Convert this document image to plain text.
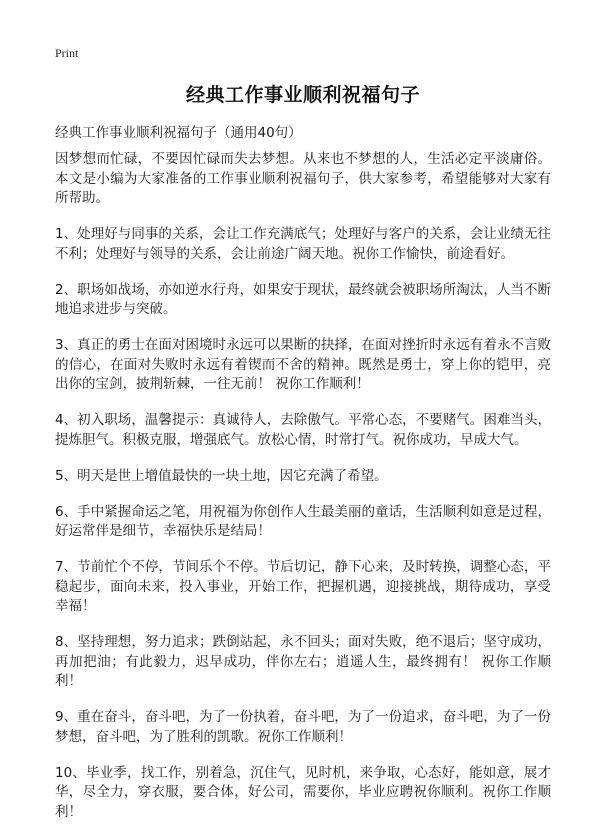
Print
经典工作事业顺利祝福句子
经典工作事业顺利祝福句子（通用40句）

因梦想而忙碌，不要因忙碌而失去梦想。从来也不梦想的人，生活必定平淡庸俗。本文是小编为大家准备的工作事业顺利祝福句子，供大家参考，希望能够对大家有所帮助。

1、处理好与同事的关系，会让工作充满底气；处理好与客户的关系，会让业绩无往不利；处理好与领导的关系，会让前途广阔天地。祝你工作愉快，前途看好。

2、职场如战场，亦如逆水行舟，如果安于现状，最终就会被职场所淘汰，人当不断地追求进步与突破。

3、真正的勇士在面对困境时永远可以果断的抉择，在面对挫折时永远有着永不言败的信心，在面对失败时永远有着锲而不舍的精神。既然是勇士，穿上你的铠甲，亮出你的宝剑，披荆斩棘，一往无前！ 祝你工作顺利！

4、初入职场，温馨提示：真诚待人，去除傲气。平常心态，不要赌气。困难当头，提炼胆气。积极克服，增强底气。放松心情，时常打气。祝你成功，早成大气。

5、明天是世上增值最快的一块土地，因它充满了希望。

6、手中紧握命运之笔，用祝福为你创作人生最美丽的童话，生活顺利如意是过程，好运常伴是细节，幸福快乐是结局！

7、节前忙个不停，节间乐个不停。节后切记，静下心来，及时转换，调整心态，平稳起步，面向未来，投入事业，开始工作，把握机遇，迎接挑战，期待成功，享受幸福！

8、坚持理想，努力追求；跌倒站起，永不回头；面对失败，绝不退后；坚守成功，再加把油；有此毅力，迟早成功，伴你左右；逍遥人生，最终拥有！ 祝你工作顺利！

9、重在奋斗，奋斗吧，为了一份执着，奋斗吧，为了一份追求，奋斗吧，为了一份梦想，奋斗吧，为了胜利的凯歌。祝你工作顺利！

10、毕业季，找工作，别着急，沉住气，见时机，来争取，心态好，能如意，展才华，尽全力，穿衣服，要合体，好公司，需要你，毕业应聘祝你顺利。祝你工作顺利！
